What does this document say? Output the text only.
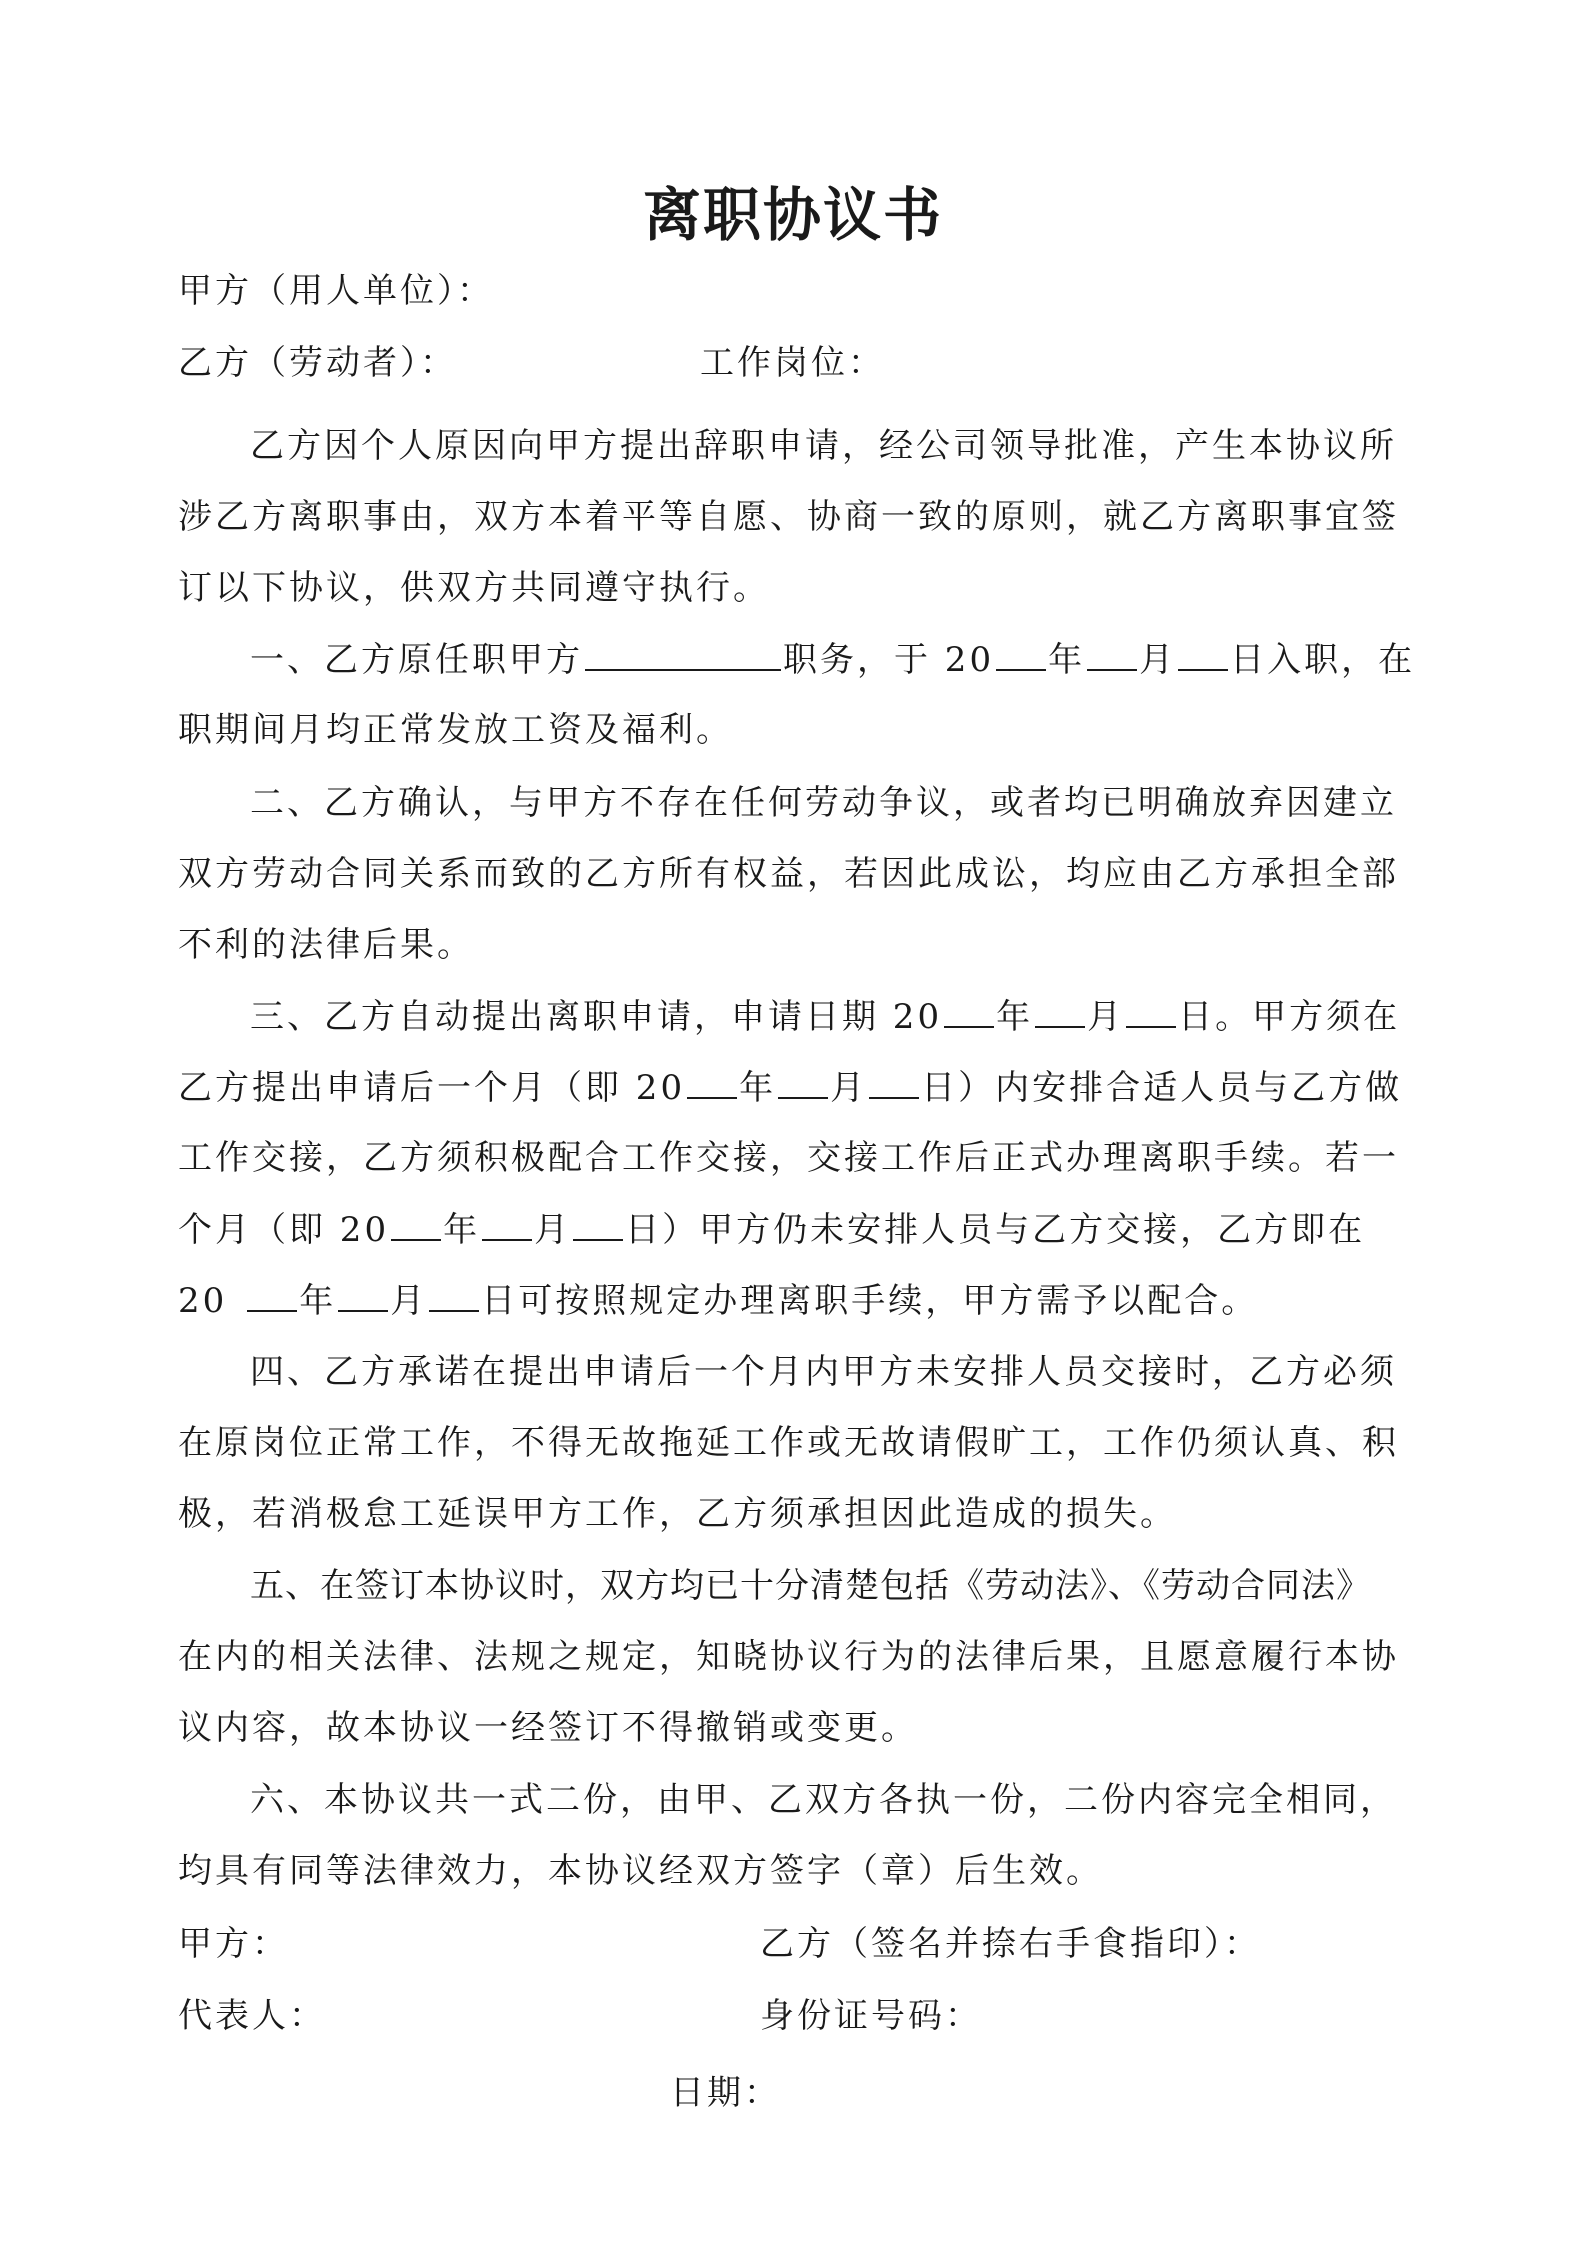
离职协议书
甲方（用人单位）：
乙方（劳动者）：	工作岗位：
乙方因个人原因向甲方提出辞职申请，经公司领导批准，产生本协议所
涉乙方离职事由，双方本着平等自愿、协商一致的原则，就乙方离职事宜签
订以下协议，供双方共同遵守执行。
一、乙方原任职甲方	职务，于 20 年 月 日入职，在
职期间月均正常发放工资及福利。
二、乙方确认，与甲方不存在任何劳动争议，或者均已明确放弃因建立
双方劳动合同关系而致的乙方所有权益，若因此成讼，均应由乙方承担全部
不利的法律后果。
三、乙方自动提出离职申请，申请日期 20 年 月 日。甲方须在
乙方提出申请后一个月（即 20 年 月 日）内安排合适人员与乙方做
工作交接，乙方须积极配合工作交接，交接工作后正式办理离职手续。若一
个月（即 20 年 月 日）甲方仍未安排人员与乙方交接，乙方即在
20 年 月 日可按照规定办理离职手续，甲方需予以配合。
四、乙方承诺在提出申请后一个月内甲方未安排人员交接时，乙方必须
在原岗位正常工作，不得无故拖延工作或无故请假旷工，工作仍须认真、积
极，若消极怠工延误甲方工作，乙方须承担因此造成的损失。
五、在签订本协议时，双方均已十分清楚包括《劳动法》、《劳动合同法》
在内的相关法律、法规之规定，知晓协议行为的法律后果，且愿意履行本协
议内容，故本协议一经签订不得撤销或变更。
六、本协议共一式二份，由甲、乙双方各执一份，二份内容完全相同，
均具有同等法律效力，本协议经双方签字（章）后生效。
甲方：	乙方（签名并捺右手食指印）：
代表人：	身份证号码：
日期：
